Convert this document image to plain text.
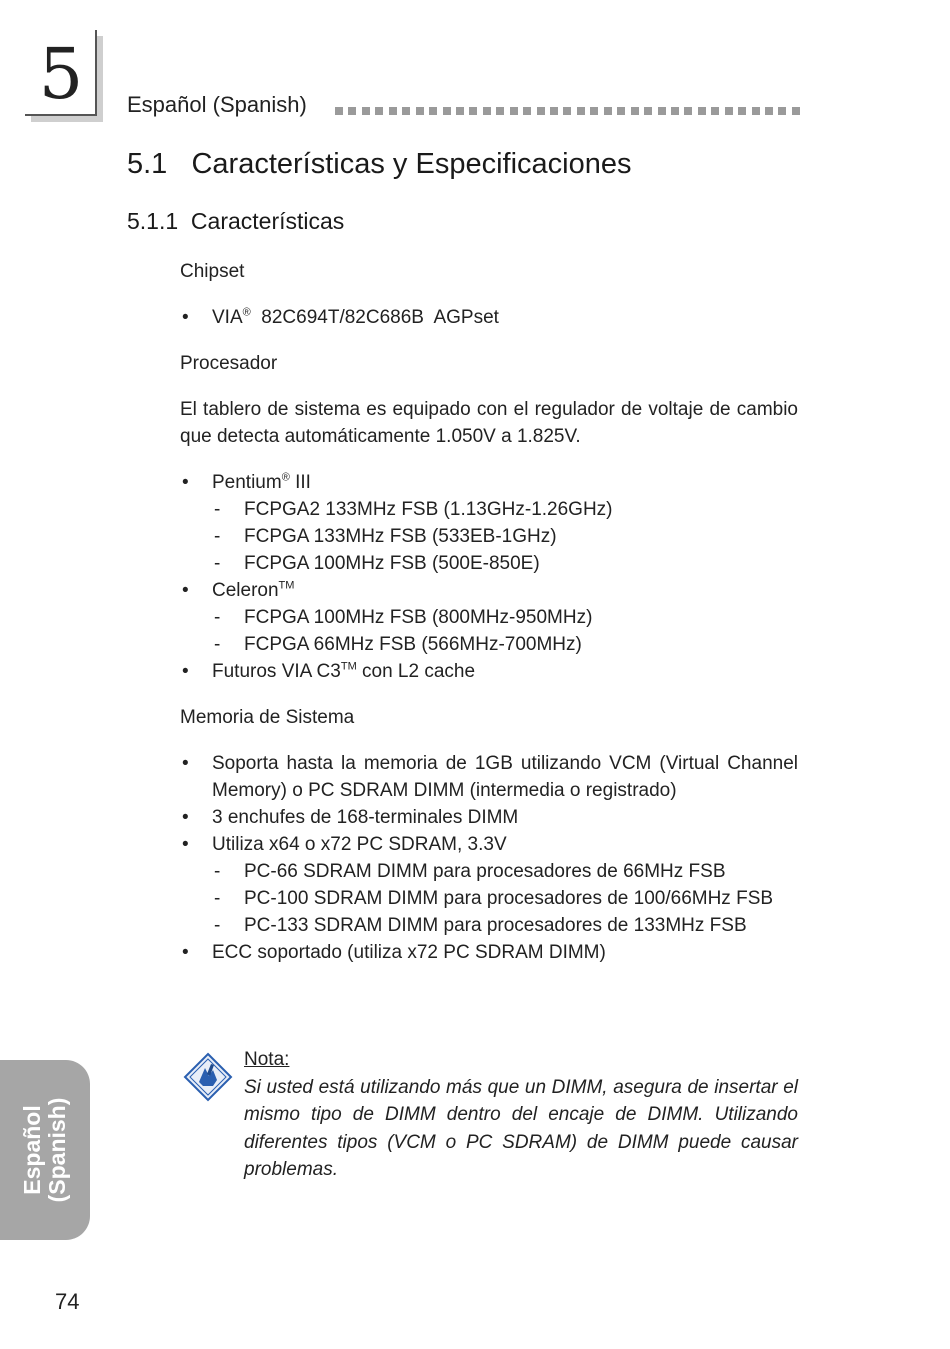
5	Español (Spanish)
5.1   Características y Especificaciones
5.1.1  Características
Chipset
• VIA® 82C694T/82C686B  AGPset
Procesador

El tablero de sistema es equipado con el regulador de voltaje de cambio que detecta automáticamente 1.050V a 1.825V.

• Pentium® III
- FCPGA2 133MHz FSB (1.13GHz-1.26GHz)
- FCPGA 133MHz FSB (533EB-1GHz)
- FCPGA 100MHz FSB (500E-850E)
• Celeron™
- FCPGA 100MHz FSB (800MHz-950MHz)
- FCPGA 66MHz FSB (566MHz-700MHz)
• Futuros VIA C3™ con L2 cache
Memoria de Sistema
• Soporta hasta la memoria de 1GB utilizando VCM (Virtual Channel Memory) o PC SDRAM DIMM (intermedia o registrado)
• 3 enchufes de 168-terminales DIMM
• Utiliza x64 o x72 PC SDRAM, 3.3V
- PC-66 SDRAM DIMM para procesadores de 66MHz FSB
- PC-100 SDRAM DIMM para procesadores de 100/66MHz FSB
- PC-133 SDRAM DIMM para procesadores de 133MHz FSB
• ECC soportado (utiliza x72 PC SDRAM DIMM)
Nota:

Si usted está utilizando más que un DIMM, asegura de insertar el mismo tipo de DIMM dentro del encaje de DIMM. Utilizando diferentes tipos (VCM o PC SDRAM) de DIMM puede causar problemas.

Español (Spanish)
74
